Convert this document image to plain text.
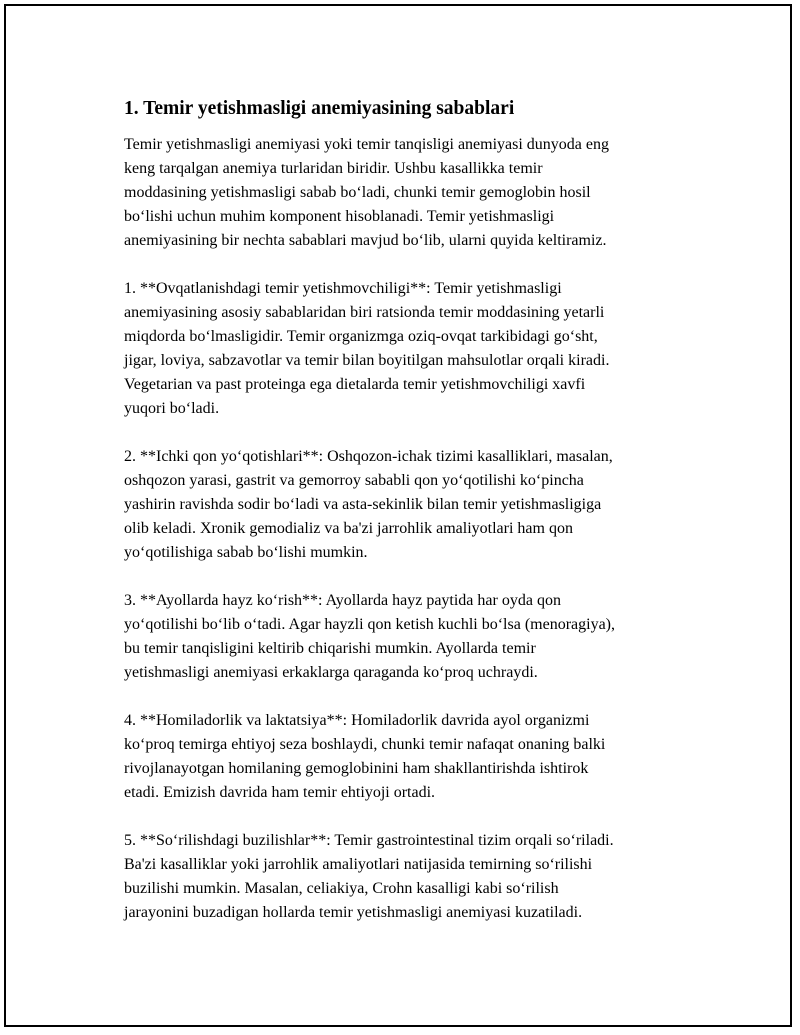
1. Temir yetishmasligi anemiyasining sabablari

Temir yetishmasligi anemiyasi yoki temir tanqisligi anemiyasi dunyoda eng
keng tarqalgan anemiya turlaridan biridir. Ushbu kasallikka temir
moddasining yetishmasligi sabab bo‘ladi, chunki temir gemoglobin hosil
bo‘lishi uchun muhim komponent hisoblanadi. Temir yetishmasligi
anemiyasining bir nechta sabablari mavjud bo‘lib, ularni quyida keltiramiz.

1. **Ovqatlanishdagi temir yetishmovchiligi**: Temir yetishmasligi
anemiyasining asosiy sabablaridan biri ratsionda temir moddasining yetarli
miqdorda bo‘lmasligidir. Temir organizmga oziq-ovqat tarkibidagi go‘sht,
jigar, loviya, sabzavotlar va temir bilan boyitilgan mahsulotlar orqali kiradi.
Vegetarian va past proteinga ega dietalarda temir yetishmovchiligi xavfi
yuqori bo‘ladi.

2. **Ichki qon yo‘qotishlari**: Oshqozon-ichak tizimi kasalliklari, masalan,
oshqozon yarasi, gastrit va gemorroy sababli qon yo‘qotilishi ko‘pincha
yashirin ravishda sodir bo‘ladi va asta-sekinlik bilan temir yetishmasligiga
olib keladi. Xronik gemodializ va ba'zi jarrohlik amaliyotlari ham qon
yo‘qotilishiga sabab bo‘lishi mumkin.

3. **Ayollarda hayz ko‘rish**: Ayollarda hayz paytida har oyda qon
yo‘qotilishi bo‘lib o‘tadi. Agar hayzli qon ketish kuchli bo‘lsa (menoragiya),
bu temir tanqisligini keltirib chiqarishi mumkin. Ayollarda temir
yetishmasligi anemiyasi erkaklarga qaraganda ko‘proq uchraydi.

4. **Homiladorlik va laktatsiya**: Homiladorlik davrida ayol organizmi
ko‘proq temirga ehtiyoj seza boshlaydi, chunki temir nafaqat onaning balki
rivojlanayotgan homilaning gemoglobinini ham shakllantirishda ishtirok
etadi. Emizish davrida ham temir ehtiyoji ortadi.

5. **So‘rilishdagi buzilishlar**: Temir gastrointestinal tizim orqali so‘riladi.
Ba'zi kasalliklar yoki jarrohlik amaliyotlari natijasida temirning so‘rilishi
buzilishi mumkin. Masalan, celiakiya, Crohn kasalligi kabi so‘rilish
jarayonini buzadigan hollarda temir yetishmasligi anemiyasi kuzatiladi.
